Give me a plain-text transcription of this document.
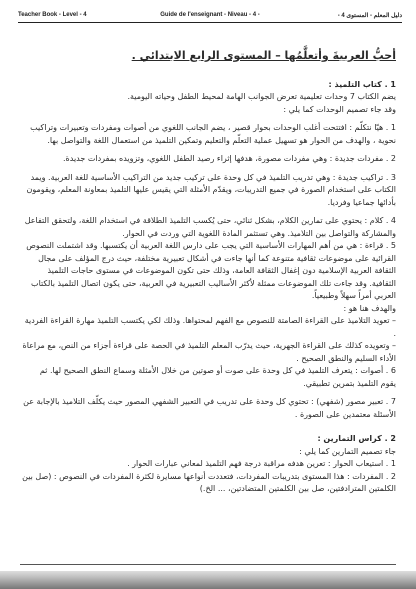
Teacher Book - Level - 4	Guide de l'enseignant - Niveau - 4 -	- 4 دليل المعلم - المستوى

أحبُّ العربيةَ وأتعلَّمُها – المستوى الرابع الابتدائي .

1 . كتاب التلميذ :

يضم الكتاب 7 وحدات تعليمية تعرض الجوانب الهامة لمحيط الطفل وحياته اليومية.

وقد جاء تصميم الوحدات كما يلي :

1 . هيّا نتكلّم : افتتحت أغلب الوحدات بحوار قصير ، يضم الجانب اللغوي من أصوات ومفردات وتعبيرات وتراكيب نحوية ، والهدف من الحوار هو تسهيل عملية التعلّم والتعليم وتمكين التلميذ من استعمال اللغة والتواصل بها.

2 . مفردات جديدة : وهي مفردات مصورة، هدفها إثراء رصيد الطفل اللغوي، وتزويده بمفردات جديدة.

3 . تراكيب جديدة : وهي تدريب التلميذ في كل وحدة على تركيب جديد من التراكيب الأساسية للغة العربية. ويمد الكتاب على استخدام الصورة في جميع التدريبات، ويقدّم الأمثلة التي يقيس عليها التلميذ بمعاونة المعلم، ويقومون بأدائها جماعيا وفرديا.

4 . كلام : يحتوي على تمارين الكلام، بشكل ثنائي، حتى يُكسب التلميذ الطلاقة في استخدام اللغة، ولتحقق التفاعل والمشاركة والتواصل بين التلاميذ. وهي تستثمر المادة اللغوية التي وردت في الحوار.

5 . قراءة : هي من أهم المهارات الأساسية التي يجب على دارس اللغة العربية أن يكتسبها. وقد اشتملت النصوص القرائية على موضوعات ثقافية متنوعة كما أنها جاءت في أشكال تعبيرية مختلفة، حيث درج المؤلف على مجال الثقافة العربية الإسلامية دون إغفال الثقافة العامة، وذلك حتى تكون الموضوعات في مستوى حاجات التلميذ الثقافية. وقد جاءت تلك الموضوعات ممثلة لأكثر الأساليب التعبيرية في العربية، حتى يكون اتصال التلميذ بالكتاب العربي أمراً سهلاً وطبيعياً.

والهدف هنا هو :

– تعويد التلاميذ على القراءة الصامتة للنصوص مع الفهم لمحتواها. وذلك لكي يكتسب التلميذ مهارة القراءة الفردية .

– وتعويده كذلك على القراءة الجهرية، حيث يدرّب المعلم التلميذ في الحصة على قراءة أجزاء من النص، مع مراعاة الأداء السليم والنطق الصحيح .

6 . أصوات : يتعرف التلميذ في كل وحدة على صوت أو صوتين من خلال الأمثلة وسماع النطق الصحيح لها. ثم يقوم التلميذ بتمرين تطبيقي.

7 . تعبير مصور (شفهي) : تحتوي كل وحدة على تدريب في التعبير الشفهي المصور حيث يكلّف التلاميذ بالإجابة عن الأسئلة معتمدين على الصورة .

2 . كراس التمارين :

جاء تصميم التمارين كما يلي :

1 . استيعاب الحوار : تعرين هدفه مراقبة درجة فهم التلميذ لمعاني عبارات الحوار .

2 . المفردات : هذا المستوى بتدريبات المفردات، فتعددت أنواعها مسايرة لكثرة المفردات في النصوص : (صل بين الكلمتين المترادفتين، صل بين الكلمتين المتضادتين، ... الخ.)
